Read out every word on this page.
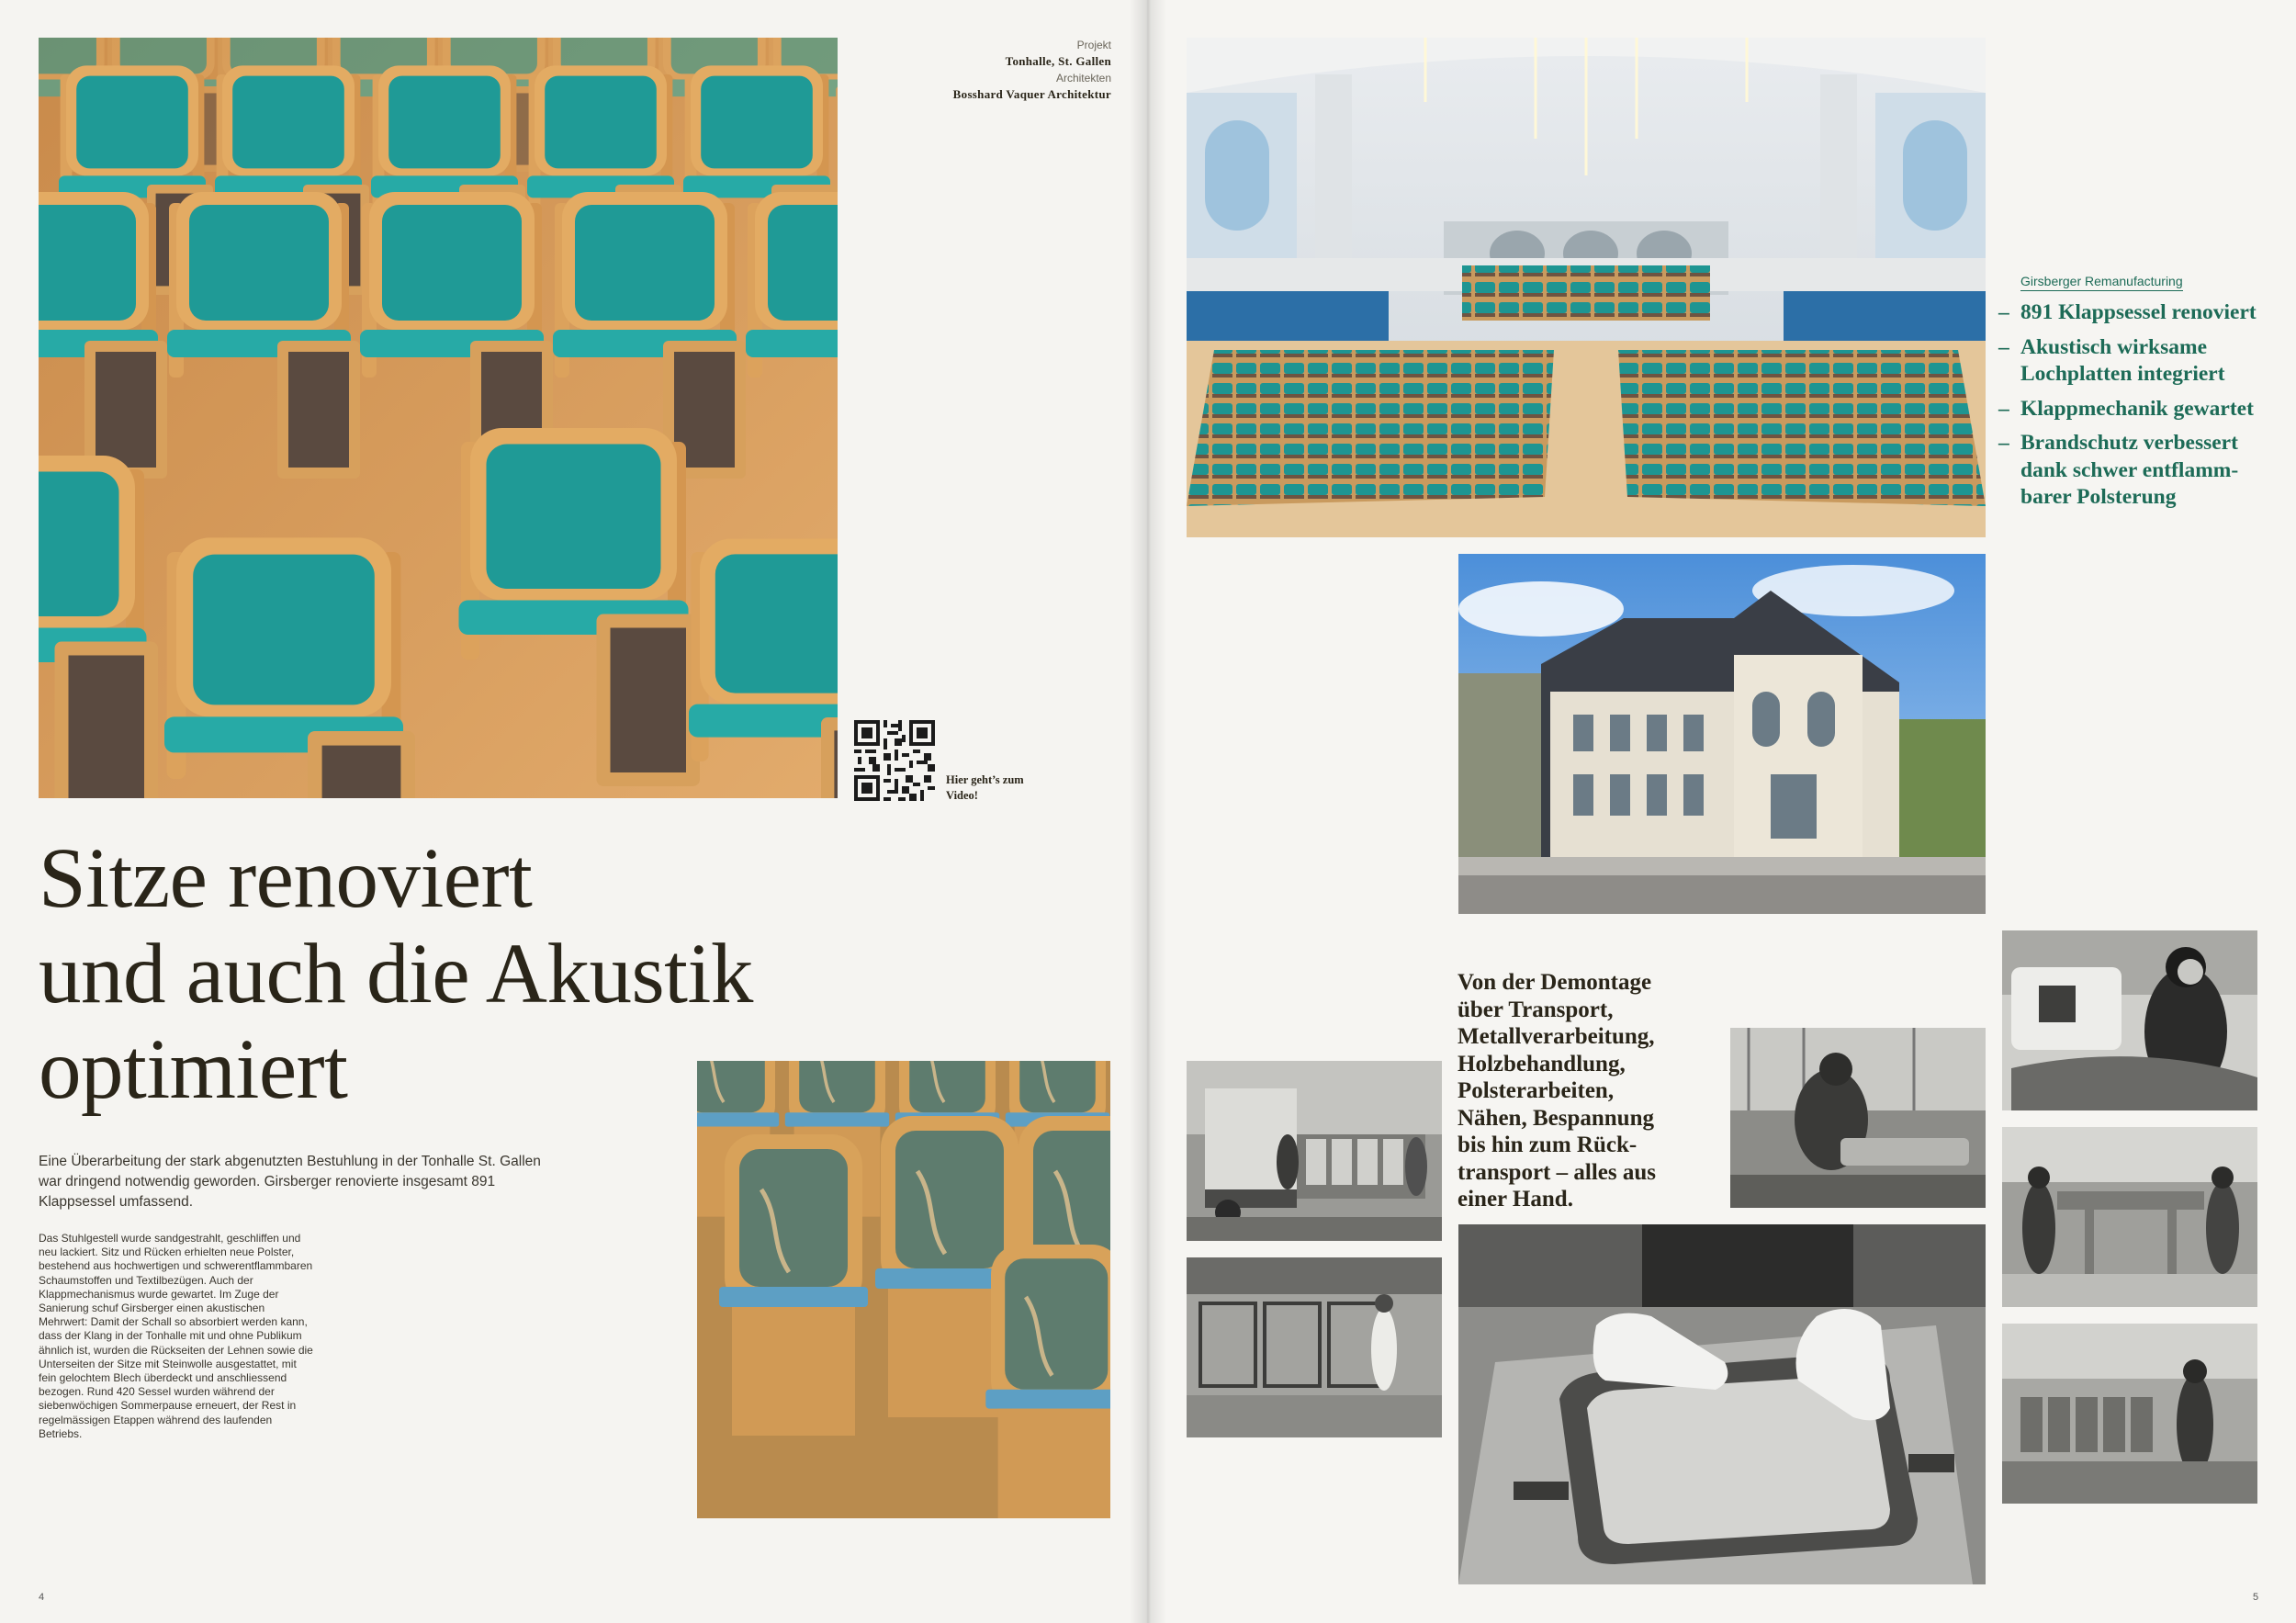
Projekt
Tonhalle, St. Gallen
Architekten
Bosshard Vaquer Architektur
Hier geht’s zum Video!
Sitze renoviert
und auch die Akustik
optimiert
Eine Überarbeitung der stark abgenutzten Bestuhlung in der Tonhalle St. Gallen war dringend notwendig geworden. Girsberger renovierte insgesamt 891 Klappsessel umfassend.
Das Stuhlgestell wurde sandgestrahlt, geschliffen und neu lackiert. Sitz und Rücken erhielten neue Polster, bestehend aus hochwertigen und schwerentflammbaren Schaumstoffen und Textilbezügen. Auch der Klappmechanismus wurde gewartet. Im Zuge der Sanierung schuf Girsberger einen akustischen Mehrwert: Damit der Schall so absorbiert werden kann, dass der Klang in der Tonhalle mit und ohne Publikum ähnlich ist, wurden die Rückseiten der Lehnen sowie die Unterseiten der Sitze mit Steinwolle ausgestattet, mit fein gelochtem Blech überdeckt und anschliessend bezogen. Rund 420 Sessel wurden während der siebenwöchigen Sommerpause erneuert, der Rest in regelmässigen Etappen während des laufenden Betriebs.
4
Girsberger Remanufacturing
– 891 Klappsessel renoviert
– Akustisch wirksame Lochplatten integriert
– Klappmechanik gewartet
– Brandschutz verbessert dank schwer entflammbarer Polsterung
Von der Demontage über Transport, Metallverarbeitung, Holzbehandlung, Polsterarbeiten, Nähen, Bespannung bis hin zum Rücktransport – alles aus einer Hand.
5
